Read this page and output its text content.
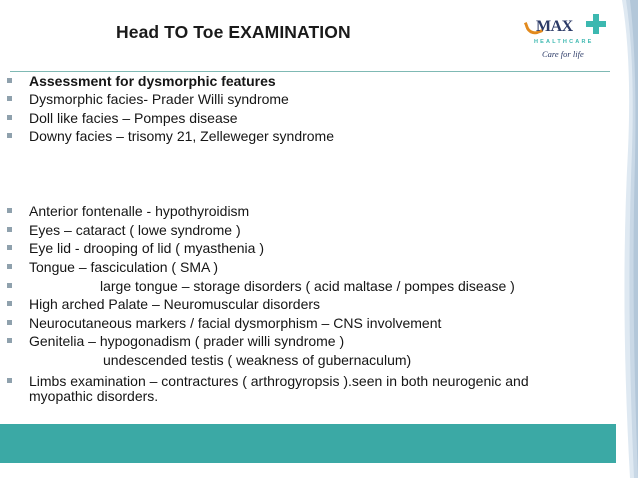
Head TO Toe EXAMINATION	MAX
HEALTHCARE
Care for life
Assessment for dysmorphic features
Dysmorphic facies- Prader Willi syndrome
Doll like facies – Pompes disease
Downy facies – trisomy 21, Zelleweger syndrome
Anterior fontenalle - hypothyroidism
Eyes – cataract ( lowe syndrome )
Eye lid - drooping of lid ( myasthenia )
Tongue – fasciculation ( SMA )
large tongue – storage disorders ( acid maltase / pompes disease )
High arched Palate – Neuromuscular disorders
Neurocutaneous markers / facial dysmorphism – CNS involvement
Genitelia – hypogonadism ( prader willi syndrome )
undescended testis ( weakness of gubernaculum)
Limbs examination – contractures ( arthrogyropsis ).seen in both neurogenic and
myopathic disorders.
